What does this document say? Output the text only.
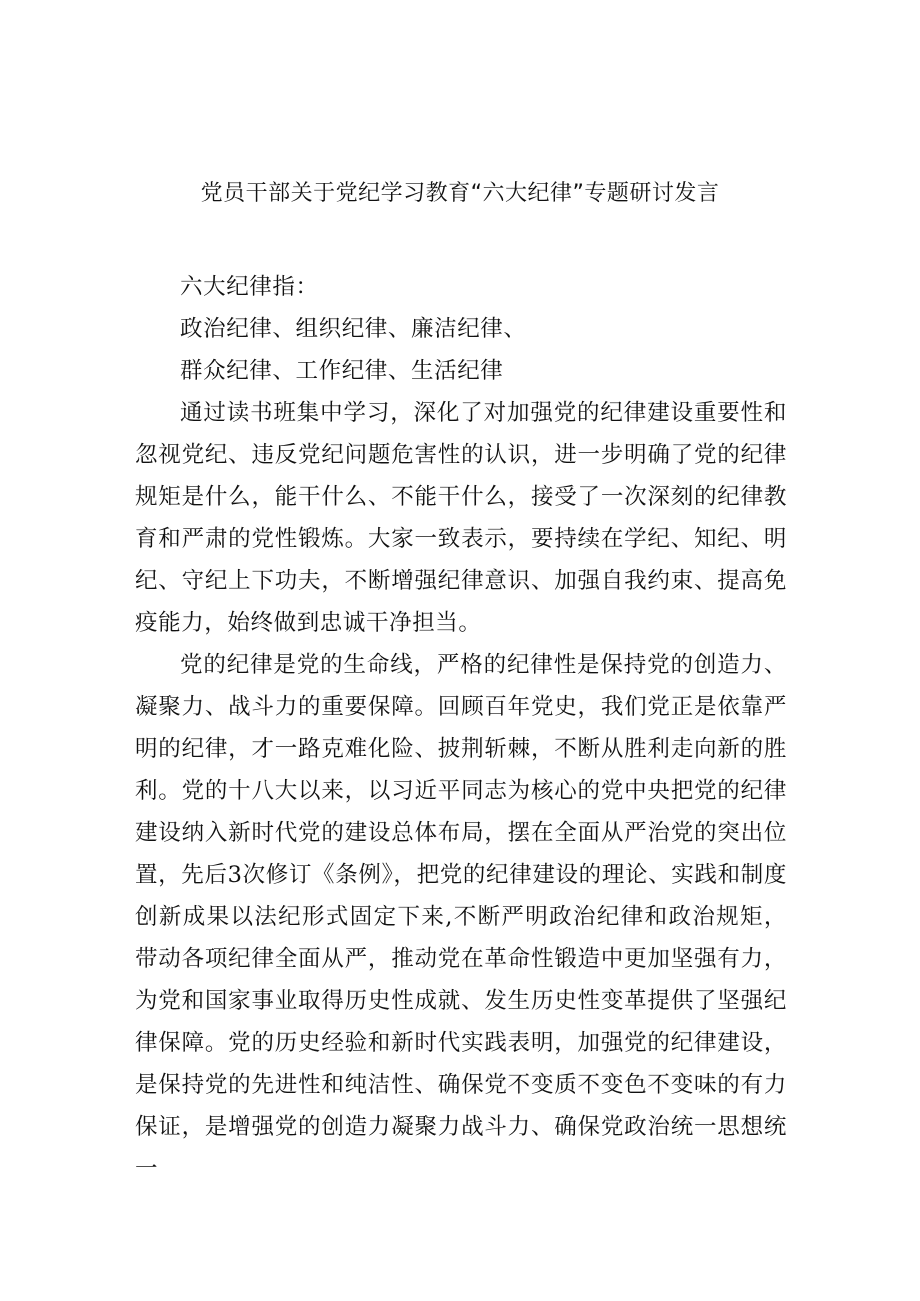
党员干部关于党纪学习教育“六大纪律”专题研讨发言

六大纪律指：

政治纪律、组织纪律、廉洁纪律、

群众纪律、工作纪律、生活纪律

通过读书班集中学习，深化了对加强党的纪律建设重要性和忽视党纪、违反党纪问题危害性的认识，进一步明确了党的纪律规矩是什么，能干什么、不能干什么，接受了一次深刻的纪律教育和严肃的党性锻炼。大家一致表示，要持续在学纪、知纪、明纪、守纪上下功夫，不断增强纪律意识、加强自我约束、提高免疫能力，始终做到忠诚干净担当。

党的纪律是党的生命线，严格的纪律性是保持党的创造力、凝聚力、战斗力的重要保障。回顾百年党史，我们党正是依靠严明的纪律，才一路克难化险、披荆斩棘，不断从胜利走向新的胜利。党的十八大以来，以习近平同志为核心的党中央把党的纪律建设纳入新时代党的建设总体布局，摆在全面从严治党的突出位置，先后3次修订《条例》，把党的纪律建设的理论、实践和制度创新成果以法纪形式固定下来,不断严明政治纪律和政治规矩，带动各项纪律全面从严，推动党在革命性锻造中更加坚强有力，为党和国家事业取得历史性成就、发生历史性变革提供了坚强纪律保障。党的历史经验和新时代实践表明，加强党的纪律建设，是保持党的先进性和纯洁性、确保党不变质不变色不变味的有力保证，是增强党的创造力凝聚力战斗力、确保党政治统一思想统一
